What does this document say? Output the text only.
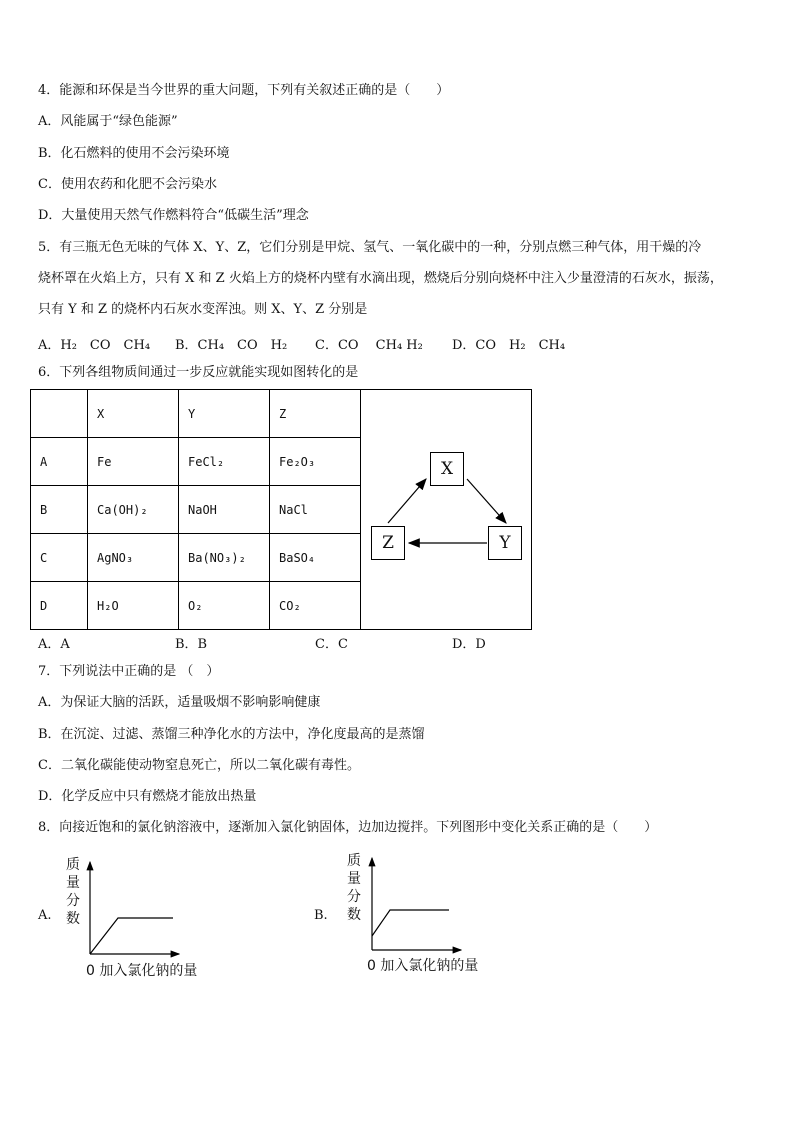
4．能源和环保是当今世界的重大问题，下列有关叙述正确的是（　　）
A．风能属于“绿色能源”
B．化石燃料的使用不会污染环境
C．使用农药和化肥不会污染水
D．大量使用天然气作燃料符合“低碳生活”理念
5．有三瓶无色无味的气体 X、Y、Z，它们分别是甲烷、氢气、一氧化碳中的一种，分别点燃三种气体，用干燥的冷
烧杯罩在火焰上方，只有 X 和 Z 火焰上方的烧杯内壁有水滴出现，燃烧后分别向烧杯中注入少量澄清的石灰水，振荡，
只有 Y 和 Z 的烧杯内石灰水变浑浊。则 X、Y、Z 分别是
A．H₂　CO　CH₄ B．CH₄　CO　H₂ C．CO　 CH₄ H₂ D．CO　H₂　CH₄
6．下列各组物质间通过一步反应就能实现如图转化的是
	X	Y	Z	X
Y
Z

A	Fe	FeCl₂	Fe₂O₃	
B	Ca(OH)₂	NaOH	NaCl	
C	AgNO₃	Ba(NO₃)₂	BaSO₄	
D	H₂O	O₂	CO₂	
A．A	B．B	C．C	D．D
7．下列说法中正确的是 （　）
A．为保证大脑的活跃，适量吸烟不影响影响健康
B．在沉淀、过滤、蒸馏三种净化水的方法中，净化度最高的是蒸馏
C．二氧化碳能使动物窒息死亡，所以二氧化碳有毒性。
D．化学反应中只有燃烧才能放出热量
8．向接近饱和的氯化钠溶液中，逐渐加入氯化钠固体，边加边搅拌。下列图形中变化关系正确的是（　　）
A.
质
量
分
数
0 加入氯化钠的量
B.
质
量
分
数
0 加入氯化钠的量
